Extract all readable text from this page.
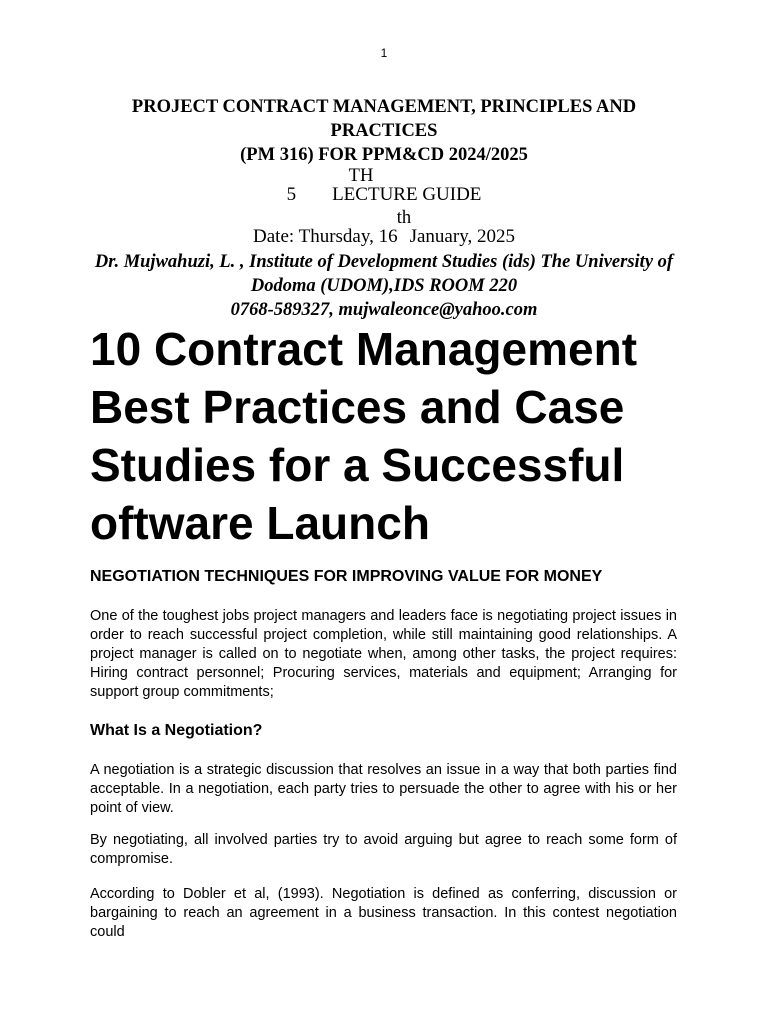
1
PROJECT CONTRACT MANAGEMENT, PRINCIPLES AND PRACTICES
(PM 316) FOR PPM&CD 2024/2025
TH
5 LECTURE GUIDE
th
Date: Thursday, 16 January, 2025
Dr. Mujwahuzi, L. , Institute of Development Studies (ids) The University of Dodoma (UDOM),IDS ROOM 220
0768-589327, mujwaleonce@yahoo.com
10 Contract Management Best Practices and Case Studies for a Successful oftware Launch
NEGOTIATION TECHNIQUES FOR IMPROVING VALUE FOR MONEY

One of the toughest jobs project managers and leaders face is negotiating project issues in order to reach successful project completion, while still maintaining good relationships. A project manager is called on to negotiate when, among other tasks, the project requires: Hiring contract personnel; Procuring services, materials and equipment; Arranging for support group commitments;

What Is a Negotiation?

A negotiation is a strategic discussion that resolves an issue in a way that both parties find acceptable. In a negotiation, each party tries to persuade the other to agree with his or her point of view.

By negotiating, all involved parties try to avoid arguing but agree to reach some form of compromise.

According to Dobler et al, (1993). Negotiation is defined as conferring, discussion or bargaining to reach an agreement in a business transaction. In this contest negotiation could
